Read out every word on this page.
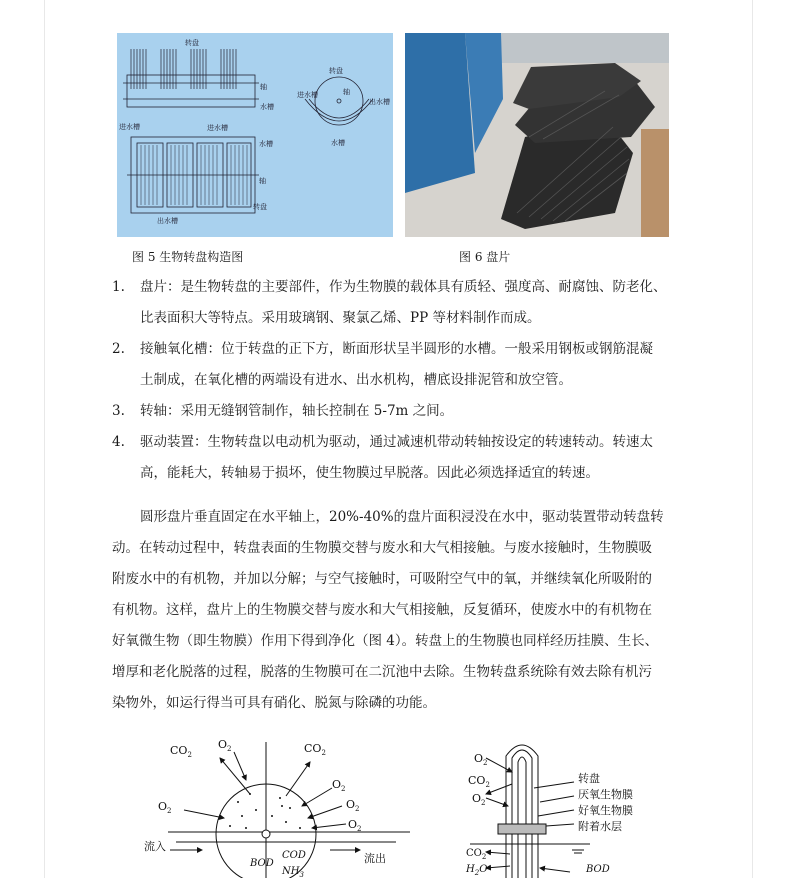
转盘
轴
水槽
转盘
轴
进水槽
出水槽
水槽
进水槽	进水槽
水槽
轴
转盘
出水槽
图 5 生物转盘构造图	图 6 盘片
1. 盘片：是生物转盘的主要部件，作为生物膜的载体具有质轻、强度高、耐腐蚀、防老化、
比表面积大等特点。采用玻璃钢、聚氯乙烯、PP 等材料制作而成。
2. 接触氧化槽：位于转盘的正下方，断面形状呈半圆形的水槽。一般采用钢板或钢筋混凝
土制成，在氧化槽的两端设有进水、出水机构，槽底设排泥管和放空管。
3. 转轴：采用无缝钢管制作，轴长控制在 5-7m 之间。
4. 驱动装置：生物转盘以电动机为驱动，通过减速机带动转轴按设定的转速转动。转速太
高，能耗大，转轴易于损坏，使生物膜过早脱落。因此必须选择适宜的转速。
圆形盘片垂直固定在水平轴上，20%-40%的盘片面积浸没在水中，驱动装置带动转盘转
动。在转动过程中，转盘表面的生物膜交替与废水和大气相接触。与废水接触时，生物膜吸
附废水中的有机物，并加以分解；与空气接触时，可吸附空气中的氧，并继续氧化所吸附的
有机物。这样，盘片上的生物膜交替与废水和大气相接触，反复循环，使废水中的有机物在
好氧微生物（即生物膜）作用下得到净化（图 4）。转盘上的生物膜也同样经历挂膜、生长、
增厚和老化脱落的过程，脱落的生物膜可在二沉池中去除。生物转盘系统除有效去除有机污
染物外，如运行得当可具有硝化、脱氮与除磷的功能。
$CO_2$
$O_2$	$CO_2$
$O_2$
$O_2$
$O_2$
$O_2$
流入
流出
BOD
COD
$NH_3$
$O_2$
$CO_2$
$O_2$
$CO_2$
$H_2O$	BOD
转盘
厌氧生物膜
好氧生物膜
附着水层
